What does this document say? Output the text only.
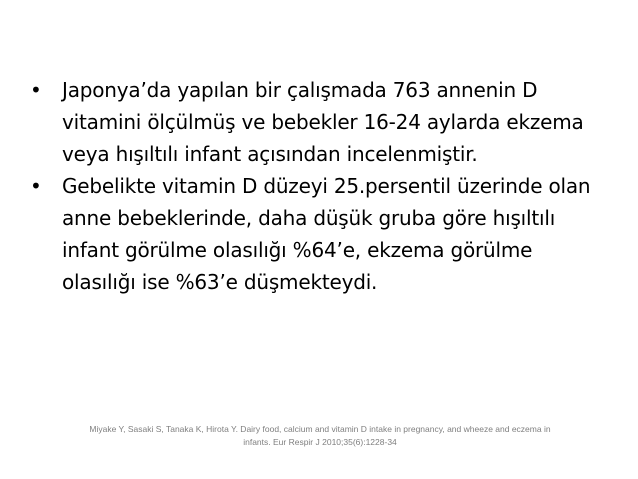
•	Japonya’da yapılan bir çalışmada 763 annenin D vitamini ölçülmüş ve bebekler 16-24 aylarda ekzema veya hışıltılı infant açısından incelenmiştir.
•	Gebelikte vitamin D düzeyi 25.persentil üzerinde olan anne bebeklerinde, daha düşük gruba göre hışıltılı infant görülme olasılığı %64’e, ekzema görülme olasılığı ise %63’e düşmekteydi.
Miyake Y, Sasaki S, Tanaka K, Hirota Y. Dairy food, calcium and vitamin D intake in pregnancy, and wheeze and eczema in
infants. Eur Respir J 2010;35(6):1228-34
